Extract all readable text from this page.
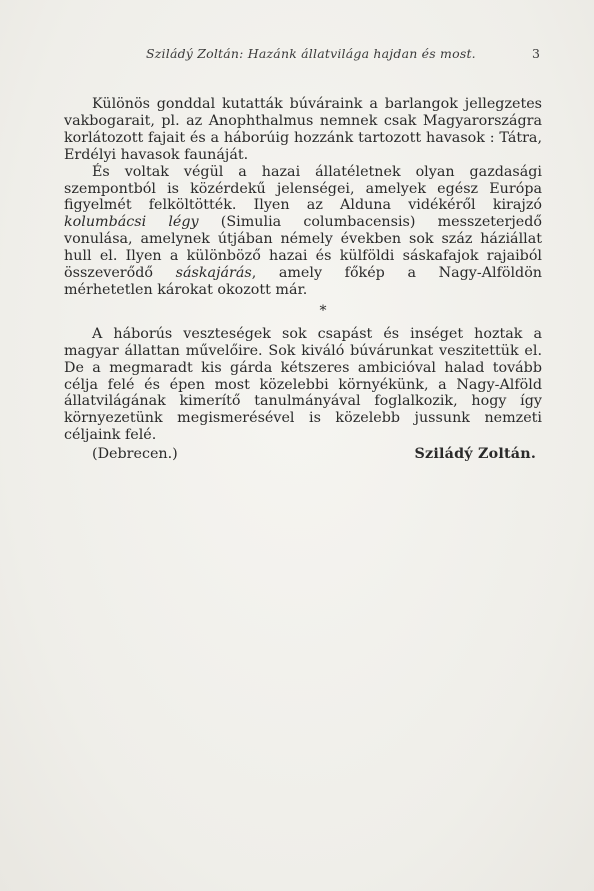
Sziládý Zoltán: Hazánk állatvilága hajdan és most.	3

Különös gonddal kutatták búváraink a barlangok jellegzetes vakbogarait, pl. az Anophthalmus nemnek csak Magyarországra korlátozott fajait és a háborúig hozzánk tartozott havasok : Tátra, Erdélyi havasok faunáját.

És voltak végül a hazai állatéletnek olyan gazdasági szempontból is közérdekű jelenségei, amelyek egész Európa figyelmét felköltötték. Ilyen az Alduna vidékéről kirajzó kolumbácsi légy (Simulia columbacensis) messzeterjedő vonulása, amelynek útjában némely években sok száz háziállat hull el. Ilyen a különböző hazai és külföldi sáskafajok rajaiból összeverődő sáskajárás, amely főkép a Nagy-Alföldön mérhetetlen károkat okozott már.

*

A háborús veszteségek sok csapást és inséget hoztak a magyar állattan művelőire. Sok kiváló búvárunkat veszitettük el. De a megmaradt kis gárda kétszeres ambicióval halad tovább célja felé és épen most közelebbi környékünk, a Nagy-Alföld állatvilágának kimerítő tanulmányával foglalkozik, hogy így környezetünk megismerésével is közelebb jussunk nemzeti céljaink felé.

(Debrecen.)	Sziládý Zoltán.
